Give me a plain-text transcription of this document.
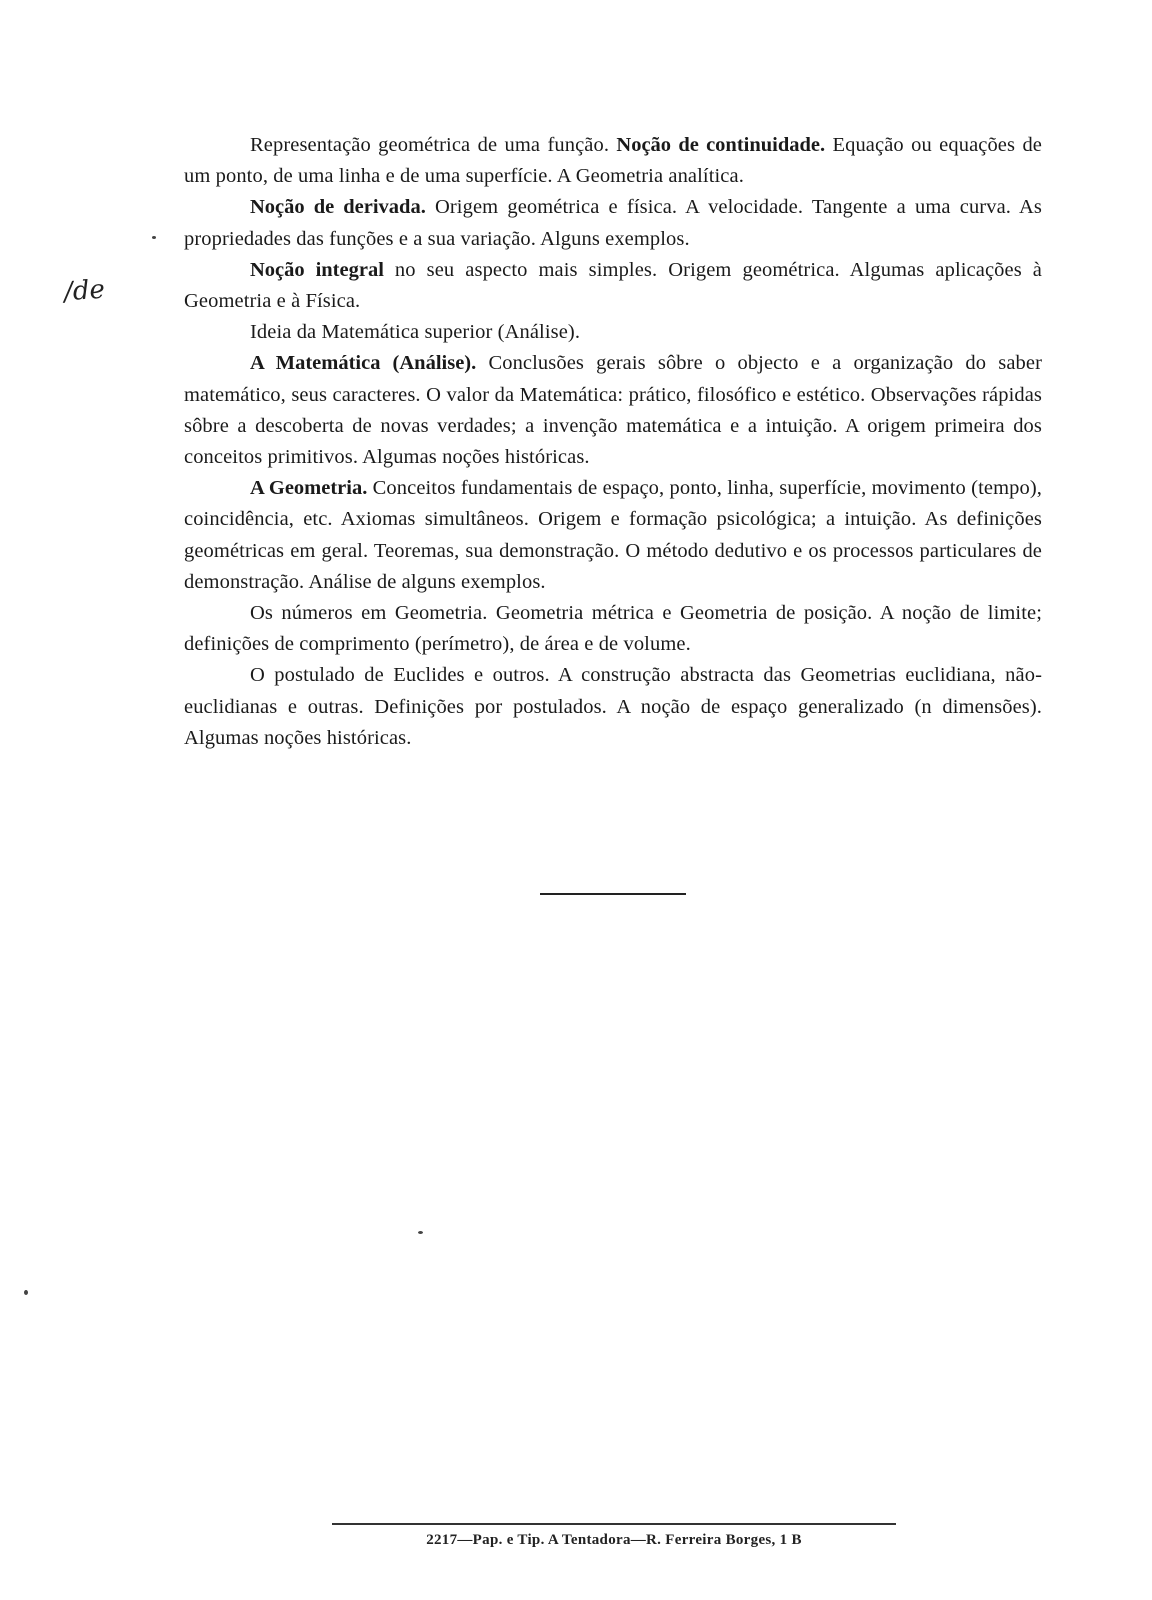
/de

Representação geométrica de uma função. Noção de continuidade. Equação ou equações de um ponto, de uma linha e de uma superfície. A Geometria analítica.

Noção de derivada. Origem geométrica e física. A velocidade. Tangente a uma curva. As propriedades das funções e a sua variação. Alguns exemplos.

Noção integral no seu aspecto mais simples. Origem geométrica. Algumas aplicações à Geometria e à Física.

Ideia da Matemática superior (Análise).

A Matemática (Análise). Conclusões gerais sôbre o objecto e a organização do saber matemático, seus caracteres. O valor da Matemática: prático, filosófico e estético. Observações rápidas sôbre a descoberta de novas verdades; a invenção matemática e a intuição. A origem primeira dos conceitos primitivos. Algumas noções históricas.

A Geometria. Conceitos fundamentais de espaço, ponto, linha, superfície, movimento (tempo), coincidência, etc. Axiomas simultâneos. Origem e formação psicológica; a intuição. As definições geométricas em geral. Teoremas, sua demonstração. O método dedutivo e os processos particulares de demonstração. Análise de alguns exemplos.

Os números em Geometria. Geometria métrica e Geometria de posição. A noção de limite; definições de comprimento (perímetro), de área e de volume.

O postulado de Euclides e outros. A construção abstracta das Geometrias euclidiana, não-euclidianas e outras. Definições por postulados. A noção de espaço generalizado (n dimensões). Algumas noções históricas.

2217—Pap. e Tip. A Tentadora—R. Ferreira Borges, 1 B
